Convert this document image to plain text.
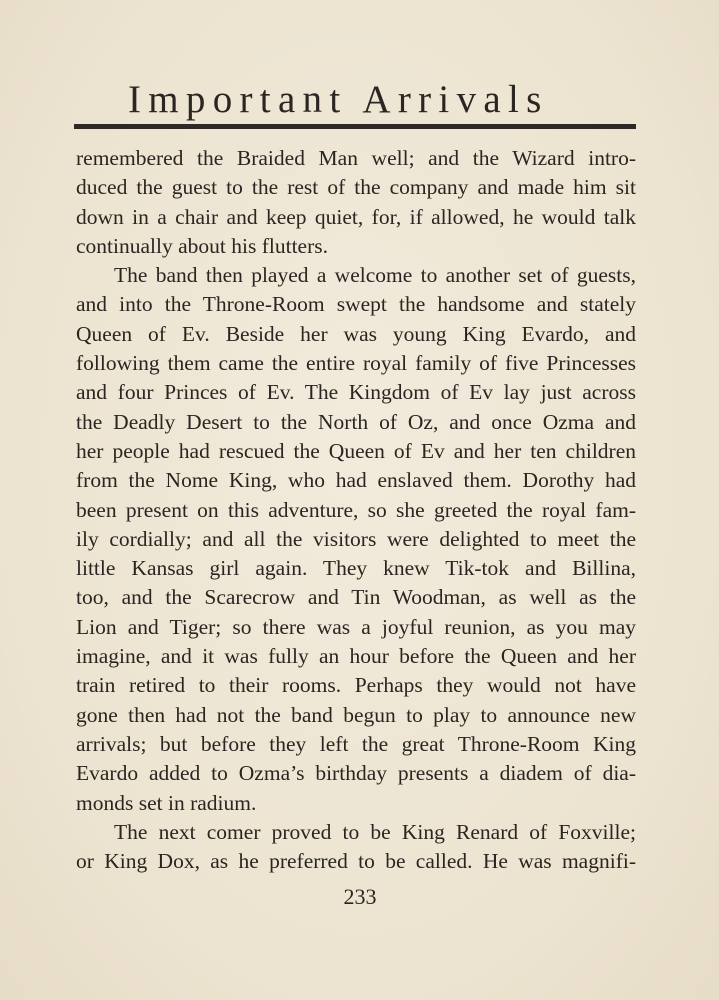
Important Arrivals
remembered the Braided Man well; and the Wizard intro-
duced the guest to the rest of the company and made him sit
down in a chair and keep quiet, for, if allowed, he would talk
continually about his flutters.
The band then played a welcome to another set of guests,
and into the Throne-Room swept the handsome and stately
Queen of Ev. Beside her was young King Evardo, and
following them came the entire royal family of five Princesses
and four Princes of Ev. The Kingdom of Ev lay just across
the Deadly Desert to the North of Oz, and once Ozma and
her people had rescued the Queen of Ev and her ten children
from the Nome King, who had enslaved them. Dorothy had
been present on this adventure, so she greeted the royal fam-
ily cordially; and all the visitors were delighted to meet the
little Kansas girl again. They knew Tik-tok and Billina,
too, and the Scarecrow and Tin Woodman, as well as the
Lion and Tiger; so there was a joyful reunion, as you may
imagine, and it was fully an hour before the Queen and her
train retired to their rooms. Perhaps they would not have
gone then had not the band begun to play to announce new
arrivals; but before they left the great Throne-Room King
Evardo added to Ozma’s birthday presents a diadem of dia-
monds set in radium.
The next comer proved to be King Renard of Foxville;
or King Dox, as he preferred to be called. He was magnifi-
233
